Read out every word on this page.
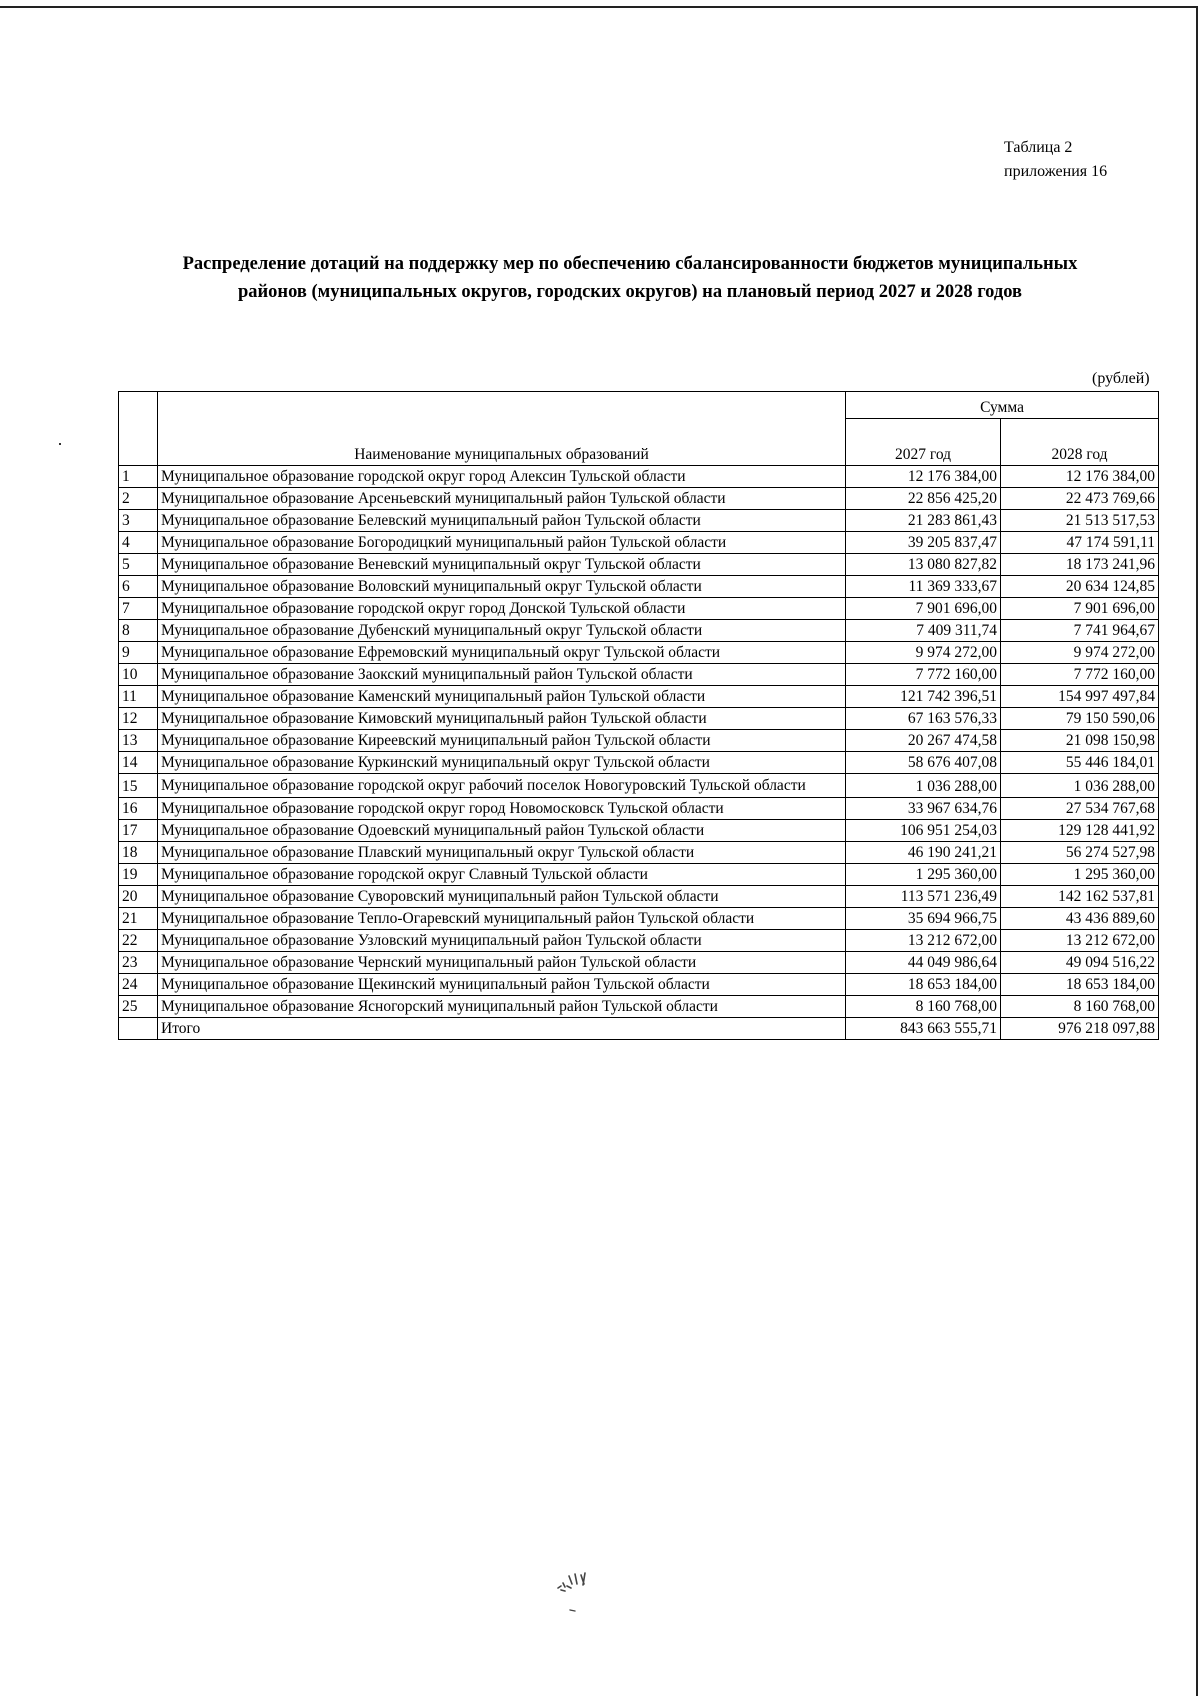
Таблица 2
приложения 16
Распределение дотаций на поддержку мер по обеспечению сбалансированности бюджетов муниципальных
районов (муниципальных округов, городских округов) на плановый период 2027 и 2028 годов
(рублей)
	Наименование муниципальных образований	Сумма	
		2027 год	2028 год
1	Муниципальное образование городской округ город Алексин Тульской области	12 176 384,00	12 176 384,00
2	Муниципальное образование Арсеньевский муниципальный район Тульской области	22 856 425,20	22 473 769,66
3	Муниципальное образование Белевский муниципальный район Тульской области	21 283 861,43	21 513 517,53
4	Муниципальное образование Богородицкий муниципальный район Тульской области	39 205 837,47	47 174 591,11
5	Муниципальное образование Веневский муниципальный округ Тульской области	13 080 827,82	18 173 241,96
6	Муниципальное образование Воловский муниципальный округ Тульской области	11 369 333,67	20 634 124,85
7	Муниципальное образование городской округ город Донской Тульской области	7 901 696,00	7 901 696,00
8	Муниципальное образование Дубенский муниципальный округ Тульской области	7 409 311,74	7 741 964,67
9	Муниципальное образование Ефремовский муниципальный округ Тульской области	9 974 272,00	9 974 272,00
10	Муниципальное образование Заокский муниципальный район Тульской области	7 772 160,00	7 772 160,00
11	Муниципальное образование Каменский муниципальный район Тульской области	121 742 396,51	154 997 497,84
12	Муниципальное образование Кимовский муниципальный район Тульской области	67 163 576,33	79 150 590,06
13	Муниципальное образование Киреевский муниципальный район Тульской области	20 267 474,58	21 098 150,98
14	Муниципальное образование Куркинский муниципальный округ Тульской области	58 676 407,08	55 446 184,01
15	Муниципальное образование городской округ рабочий поселок Новогуровский Тульской области	1 036 288,00	1 036 288,00
16	Муниципальное образование городской округ город Новомосковск Тульской области	33 967 634,76	27 534 767,68
17	Муниципальное образование Одоевский муниципальный район Тульской области	106 951 254,03	129 128 441,92
18	Муниципальное образование Плавский муниципальный округ Тульской области	46 190 241,21	56 274 527,98
19	Муниципальное образование городской округ Славный Тульской области	1 295 360,00	1 295 360,00
20	Муниципальное образование Суворовский муниципальный район Тульской области	113 571 236,49	142 162 537,81
21	Муниципальное образование Тепло-Огаревский муниципальный район Тульской области	35 694 966,75	43 436 889,60
22	Муниципальное образование Узловский муниципальный район Тульской области	13 212 672,00	13 212 672,00
23	Муниципальное образование Чернский муниципальный район Тульской области	44 049 986,64	49 094 516,22
24	Муниципальное образование Щекинский муниципальный район Тульской области	18 653 184,00	18 653 184,00
25	Муниципальное образование Ясногорский муниципальный район Тульской области	8 160 768,00	8 160 768,00
	Итого	843 663 555,71	976 218 097,88
